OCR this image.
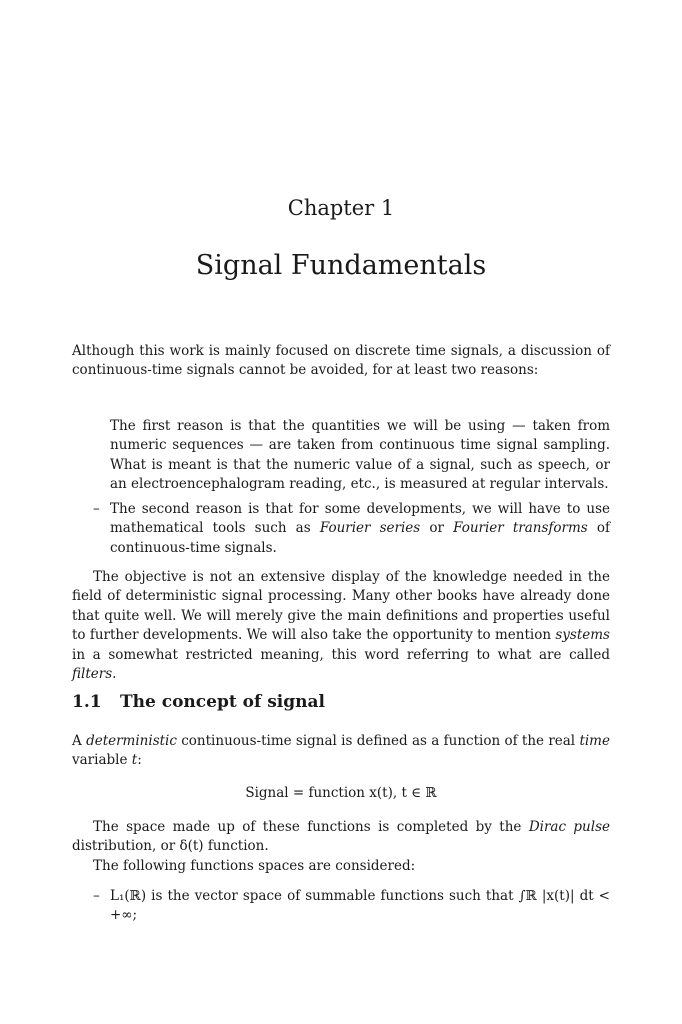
Chapter 1
Signal Fundamentals

Although this work is mainly focused on discrete time signals, a discussion of continuous-time signals cannot be avoided, for at least two reasons:

The first reason is that the quantities we will be using — taken from numeric sequences — are taken from continuous time signal sampling. What is meant is that the numeric value of a signal, such as speech, or an electroencephalogram reading, etc., is measured at regular intervals.
– The second reason is that for some developments, we will have to use mathematical tools such as Fourier series or Fourier transforms of continuous-time signals.

The objective is not an extensive display of the knowledge needed in the field of deterministic signal processing. Many other books have already done that quite well. We will merely give the main definitions and properties useful to further developments. We will also take the opportunity to mention systems in a somewhat restricted meaning, this word referring to what are called filters.

1.1 The concept of signal

A deterministic continuous-time signal is defined as a function of the real time variable t:

Signal = function x(t), t ∈ ℝ

The space made up of these functions is completed by the Dirac pulse distribution, or δ(t) function.

The following functions spaces are considered:

– L₁(ℝ) is the vector space of summable functions such that ∫ℝ |x(t)| dt < +∞;
